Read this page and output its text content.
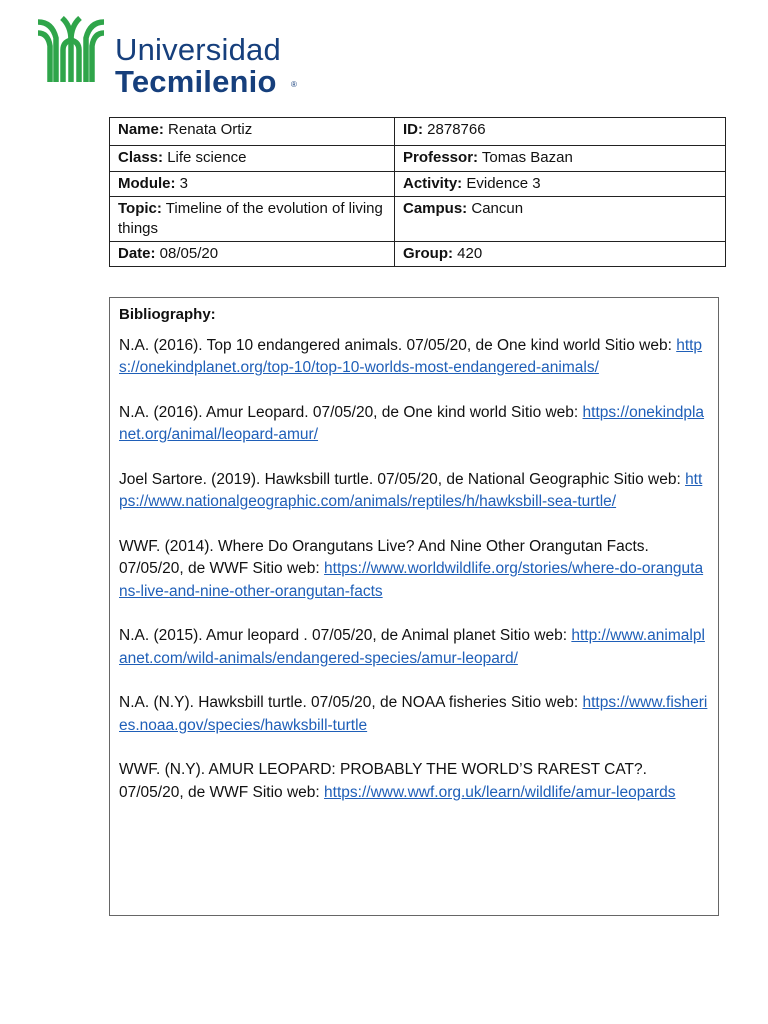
Universidad
Tecmilenio ®
Name: Renata Ortiz	ID: 2878766
Class: Life science	Professor: Tomas Bazan
Module: 3	Activity: Evidence 3
Topic: Timeline of the evolution of living things	Campus: Cancun
Date: 08/05/20	Group: 420
Bibliography:
N.A. (2016). Top 10 endangered animals. 07/05/20, de One kind world Sitio web: https://onekindplanet.org/top-10/top-10-worlds-most-endangered-animals/
N.A. (2016). Amur Leopard. 07/05/20, de One kind world Sitio web: https://onekindplanet.org/animal/leopard-amur/
Joel Sartore. (2019). Hawksbill turtle. 07/05/20, de National Geographic Sitio web: https://www.nationalgeographic.com/animals/reptiles/h/hawksbill-sea-turtle/
WWF. (2014). Where Do Orangutans Live? And Nine Other Orangutan Facts. 07/05/20, de WWF Sitio web: https://www.worldwildlife.org/stories/where-do-orangutans-live-and-nine-other-orangutan-facts
N.A. (2015). Amur leopard . 07/05/20, de Animal planet Sitio web: http://www.animalplanet.com/wild-animals/endangered-species/amur-leopard/
N.A. (N.Y). Hawksbill turtle. 07/05/20, de NOAA fisheries Sitio web: https://www.fisheries.noaa.gov/species/hawksbill-turtle
WWF. (N.Y). AMUR LEOPARD: PROBABLY THE WORLD’S RAREST CAT?. 07/05/20, de WWF Sitio web: https://www.wwf.org.uk/learn/wildlife/amur-leopards
